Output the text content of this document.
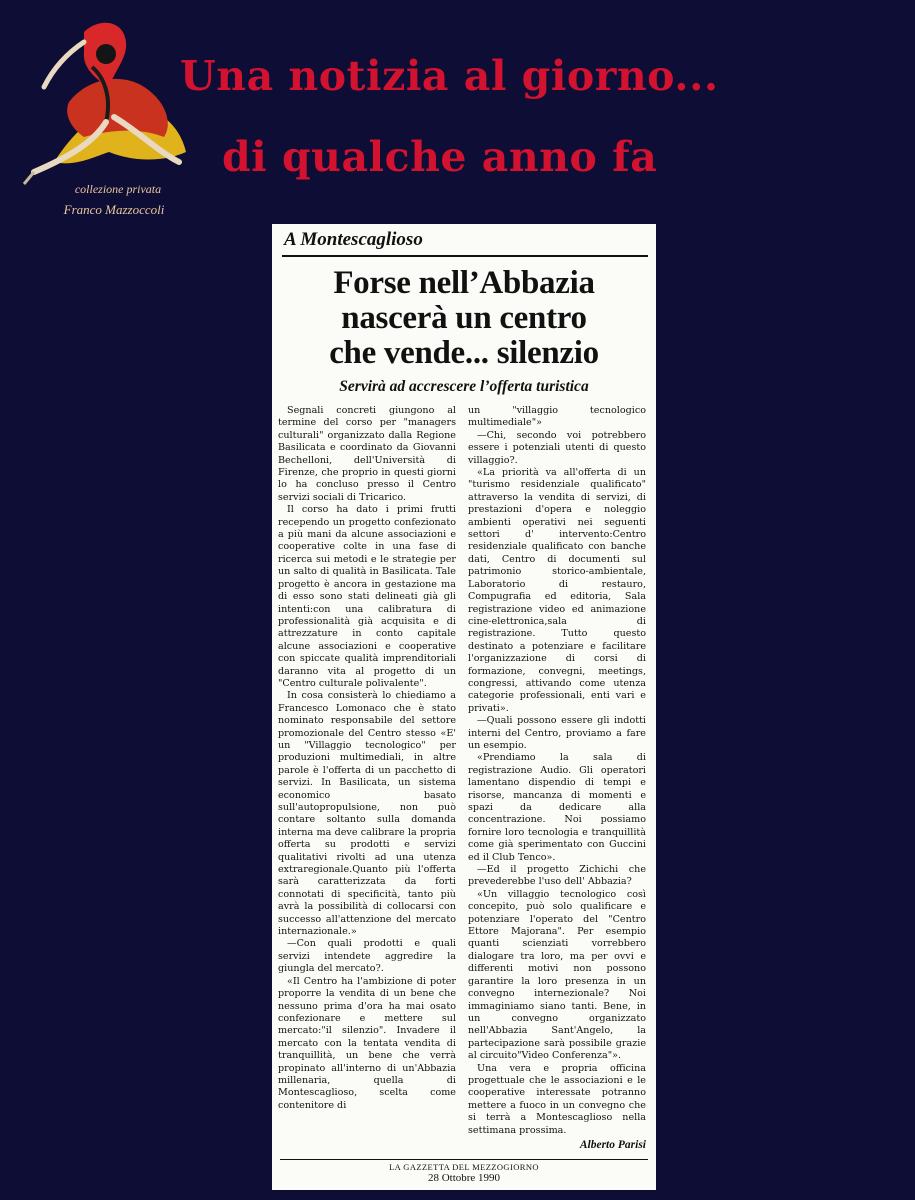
collezione privata
Franco Mazzoccoli
Una notizia al giorno...
di qualche anno fa
A Montescaglioso
Forse nell’Abbazia
nascerà un centro
che vende... silenzio
Servirà ad accrescere l’offerta turistica

Segnali concreti giungono al termine del corso per "managers culturali" organizzato dalla Regione Basilicata e coordinato da Giovanni Bechelloni, dell'Università di Firenze, che proprio in questi giorni lo ha concluso presso il Centro servizi sociali di Tricarico.

Il corso ha dato i primi frutti recependo un progetto confezionato a più mani da alcune associazioni e cooperative colte in una fase di ricerca sui metodi e le strategie per un salto di qualità in Basilicata. Tale progetto è ancora in gestazione ma di esso sono stati delineati già gli intenti:con una calibratura di professionalità già acquisita e di attrezzature in conto capitale alcune associazioni e cooperative con spiccate qualità imprenditoriali daranno vita al progetto di un "Centro culturale polivalente".

In cosa consisterà lo chiediamo a Francesco Lomonaco che è stato nominato responsabile del settore promozionale del Centro stesso «E' un "Villaggio tecnologico" per produzioni multimediali, in altre parole è l'offerta di un pacchetto di servizi. In Basilicata, un sistema economico basato sull'autopropulsione, non può contare soltanto sulla domanda interna ma deve calibrare la propria offerta su prodotti e servizi qualitativi rivolti ad una utenza extraregionale.Quanto più l'offerta sarà caratterizzata da forti connotati di specificità, tanto più avrà la possibilità di collocarsi con successo all'attenzione del mercato internazionale.»

—Con quali prodotti e quali servizi intendete aggredire la giungla del mercato?.

«Il Centro ha l'ambizione di poter proporre la vendita di un bene che nessuno prima d'ora ha mai osato confezionare e mettere sul mercato:"il silenzio". Invadere il mercato con la tentata vendita di tranquillità, un bene che verrà propinato all'interno di un'Abbazia millenaria, quella di Montescaglioso, scelta come contenitore di

un "villaggio tecnologico multimediale"»

—Chi, secondo voi potrebbero essere i potenziali utenti di questo villaggio?.

«La priorità va all'offerta di un "turismo residenziale qualificato" attraverso la vendita di servizi, di prestazioni d'opera e noleggio ambienti operativi nei seguenti settori d' intervento:Centro residenziale qualificato con banche dati, Centro di documenti sul patrimonio storico-ambientale, Laboratorio di restauro, Compugrafia ed editoria, Sala registrazione video ed animazione cine-elettronica,sala di registrazione. Tutto questo destinato a potenziare e facilitare l'organizzazione di corsi di formazione, convegni, meetings, congressi, attivando come utenza categorie professionali, enti vari e privati».

—Quali possono essere gli indotti interni del Centro, proviamo a fare un esempio.

«Prendiamo la sala di registrazione Audio. Gli operatori lamentano dispendio di tempi e risorse, mancanza di momenti e spazi da dedicare alla concentrazione. Noi possiamo fornire loro tecnologia e tranquillità come già sperimentato con Guccini ed il Club Tenco».

—Ed il progetto Zichichi che prevederebbe l'uso dell' Abbazia?

«Un villaggio tecnologico così concepito, può solo qualificare e potenziare l'operato del "Centro Ettore Majorana". Per esempio quanti scienziati vorrebbero dialogare tra loro, ma per ovvi e differenti motivi non possono garantire la loro presenza in un convegno internezionale? Noi immaginiamo siano tanti. Bene, in un convegno organizzato nell'Abbazia Sant'Angelo, la partecipazione sarà possibile grazie al circuito"Video Conferenza"».

Una vera e propria officina progettuale che le associazioni e le cooperative interessate potranno mettere a fuoco in un convegno che si terrà a Montescaglioso nella settimana prossima.

Alberto Parisi
LA GAZZETTA DEL MEZZOGIORNO
28 Ottobre 1990
